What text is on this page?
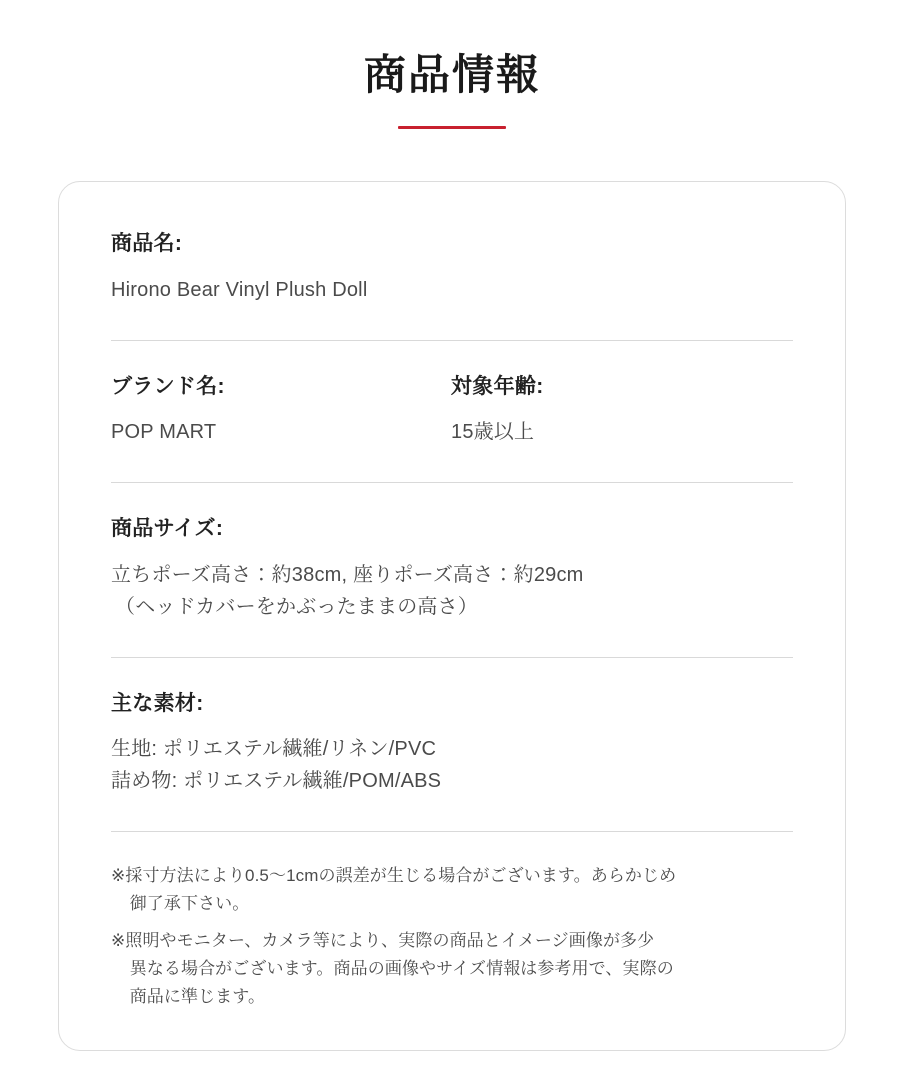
商品情報

商品名:

Hirono Bear Vinyl Plush Doll

ブランド名:

POP MART

対象年齢:

15歳以上

商品サイズ:

立ちポーズ高さ：約38cm, 座りポーズ高さ：約29cm

（ヘッドカバーをかぶったままの高さ）

主な素材:

生地: ポリエステル繊維/リネン/PVC

詰め物: ポリエステル繊維/POM/ABS

※採寸方法により0.5〜1cmの誤差が生じる場合がございます。あらかじめ

御了承下さい。

※照明やモニター、カメラ等により、実際の商品とイメージ画像が多少

異なる場合がございます。商品の画像やサイズ情報は参考用で、実際の

商品に準じます。
